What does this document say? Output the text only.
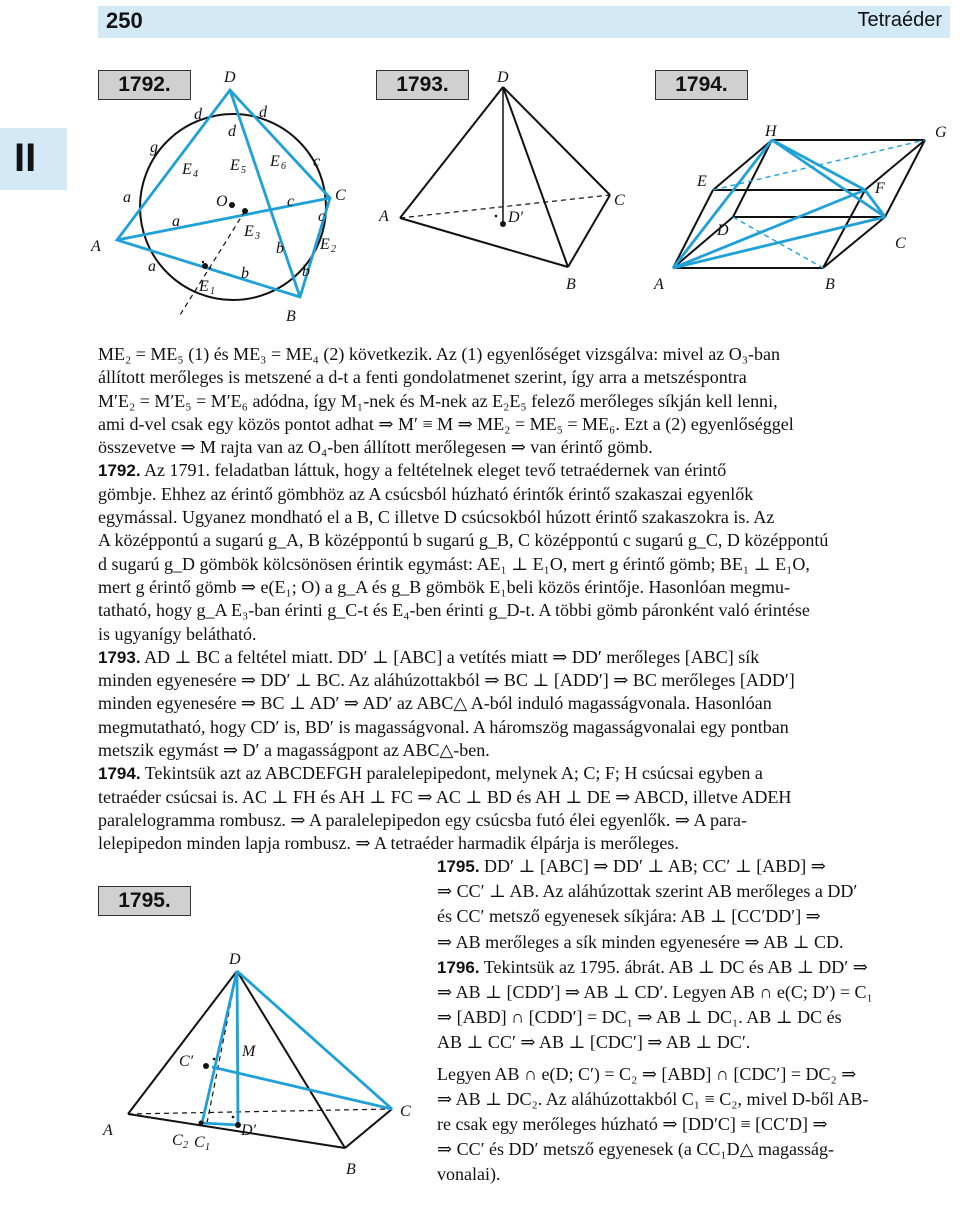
250	Tetraéder
II
1792.	1793.	1794.
1795.
A
B
C
D
O
E 1
E 2
E 3
E 4
E 5
E 6
a
a
a
b
b	b
c
c
c
d
d
d
g
A
B
C
D
D′
A	B
C
D
E	F
G
H
A
B
C
D
M
C′
D′
C 2 C 1

ME₂ = ME₅ (1) és ME₃ = ME₄ (2) következik. Az (1) egyenlőséget vizsgálva: mivel az O₃-ban

állított merőleges is metszené a d-t a fenti gondolatmenet szerint, így arra a metszéspontra

M′E₂ = M′E₅ = M′E₆ adódna, így M₁-nek és M-nek az E₂E₅ felező merőleges síkján kell lenni,

ami d-vel csak egy közös pontot adhat ⇒ M′ ≡ M ⇒ ME₂ = ME₅ = ME₆. Ezt a (2) egyenlőséggel

összevetve ⇒ M rajta van az O₄-ben állított merőlegesen ⇒ van érintő gömb.

1792. Az 1791. feladatban láttuk, hogy a feltételnek eleget tevő tetraédernek van érintő

gömbje. Ehhez az érintő gömbhöz az A csúcsból húzható érintők érintő szakaszai egyenlők

egymással. Ugyanez mondható el a B, C illetve D csúcsokból húzott érintő szakaszokra is. Az

A középpontú a sugarú g_A, B középpontú b sugarú g_B, C középpontú c sugarú g_C, D középpontú

d sugarú g_D gömbök kölcsönösen érintik egymást: AE₁ ⊥ E₁O, mert g érintő gömb; BE₁ ⊥ E₁O,

mert g érintő gömb ⇒ e(E₁; O) a g_A és g_B gömbök E₁beli közös érintője. Hasonlóan megmu-

tatható, hogy g_A E₃-ban érinti g_C-t és E₄-ben érinti g_D-t. A többi gömb páronként való érintése

is ugyanígy belátható.

1793. AD ⊥ BC a feltétel miatt. DD′ ⊥ [ABC] a vetítés miatt ⇒ DD′ merőleges [ABC] sík

minden egyenesére ⇒ DD′ ⊥ BC. Az aláhúzottakból ⇒ BC ⊥ [ADD′] ⇒ BC merőleges [ADD′]

minden egyenesére ⇒ BC ⊥ AD′ ⇒ AD′ az ABC△ A-ból induló magasságvonala. Hasonlóan

megmutatható, hogy CD′ is, BD′ is magasságvonal. A háromszög magasságvonalai egy pontban

metszik egymást ⇒ D′ a magasságpont az ABC△-ben.

1794. Tekintsük azt az ABCDEFGH paralelepipedont, melynek A; C; F; H csúcsai egyben a

tetraéder csúcsai is. AC ⊥ FH és AH ⊥ FC ⇒ AC ⊥ BD és AH ⊥ DE ⇒ ABCD, illetve ADEH

paralelogramma rombusz. ⇒ A paralelepipedon egy csúcsba futó élei egyenlők. ⇒ A para-

lelepipedon minden lapja rombusz. ⇒ A tetraéder harmadik élpárja is merőleges.

1795. DD′ ⊥ [ABC] ⇒ DD′ ⊥ AB; CC′ ⊥ [ABD] ⇒

⇒ CC′ ⊥ AB. Az aláhúzottak szerint AB merőleges a DD′

és CC′ metsző egyenesek síkjára: AB ⊥ [CC′DD′] ⇒

⇒ AB merőleges a sík minden egyenesére ⇒ AB ⊥ CD.

1796. Tekintsük az 1795. ábrát. AB ⊥ DC és AB ⊥ DD′ ⇒

⇒ AB ⊥ [CDD′] ⇒ AB ⊥ CD′. Legyen AB ∩ e(C; D′) = C₁

⇒ [ABD] ∩ [CDD′] = DC₁ ⇒ AB ⊥ DC₁. AB ⊥ DC és

AB ⊥ CC′ ⇒ AB ⊥ [CDC′] ⇒ AB ⊥ DC′.

Legyen AB ∩ e(D; C′) = C₂ ⇒ [ABD] ∩ [CDC′] = DC₂ ⇒

⇒ AB ⊥ DC₂. Az aláhúzottakból C₁ ≡ C₂, mivel D-ből AB-

re csak egy merőleges húzható ⇒ [DD′C] ≡ [CC′D] ⇒

⇒ CC′ és DD′ metsző egyenesek (a CC₁D△ magasság-

vonalai).
